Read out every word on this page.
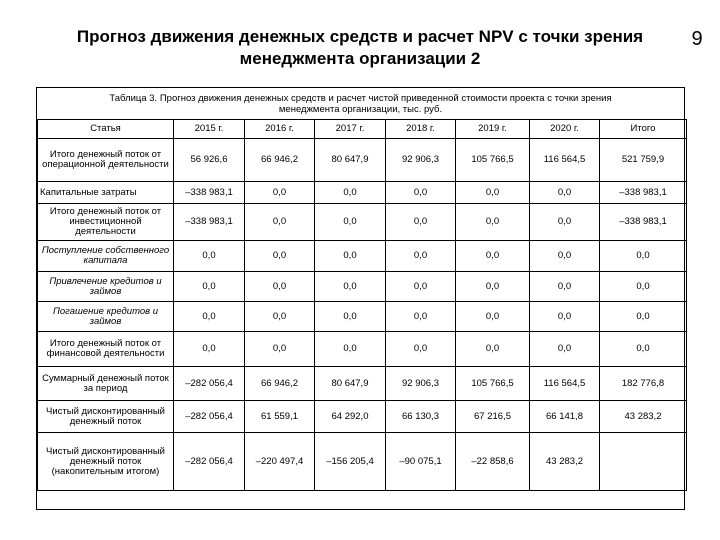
9
Прогноз движения денежных средств и расчет NPV с точки зрения
менеджмента организации 2
Таблица 3. Прогноз движения денежных средств и расчет чистой приведенной стоимости проекта с точки зрения
менеджмента организации, тыс. руб.
Статья	2015 г.	2016 г.	2017 г.	2018 г.	2019 г.	2020 г.	Итого
Итого денежный поток от операционной деятельности	56 926,6	66 946,2	80 647,9	92 906,3	105 766,5	116 564,5	521 759,9
Капитальные затраты	–338 983,1	0,0	0,0	0,0	0,0	0,0	–338 983,1
Итого денежный поток от инвестиционной деятельности	–338 983,1	0,0	0,0	0,0	0,0	0,0	–338 983,1
Поступление собственного капитала	0,0	0,0	0,0	0,0	0,0	0,0	0,0
Привлечение кредитов и займов	0,0	0,0	0,0	0,0	0,0	0,0	0,0
Погашение кредитов и займов	0,0	0,0	0,0	0,0	0,0	0,0	0,0
Итого денежный поток от финансовой деятельности	0,0	0,0	0,0	0,0	0,0	0,0	0,0
Суммарный денежный поток за период	–282 056,4	66 946,2	80 647,9	92 906,3	105 766,5	116 564,5	182 776,8
Чистый дисконтированный денежный поток	–282 056,4	61 559,1	64 292,0	66 130,3	67 216,5	66 141,8	43 283,2
Чистый дисконтированный денежный поток (накопительным итогом)	–282 056,4	–220 497,4	–156 205,4	–90 075,1	–22 858,6	43 283,2	
